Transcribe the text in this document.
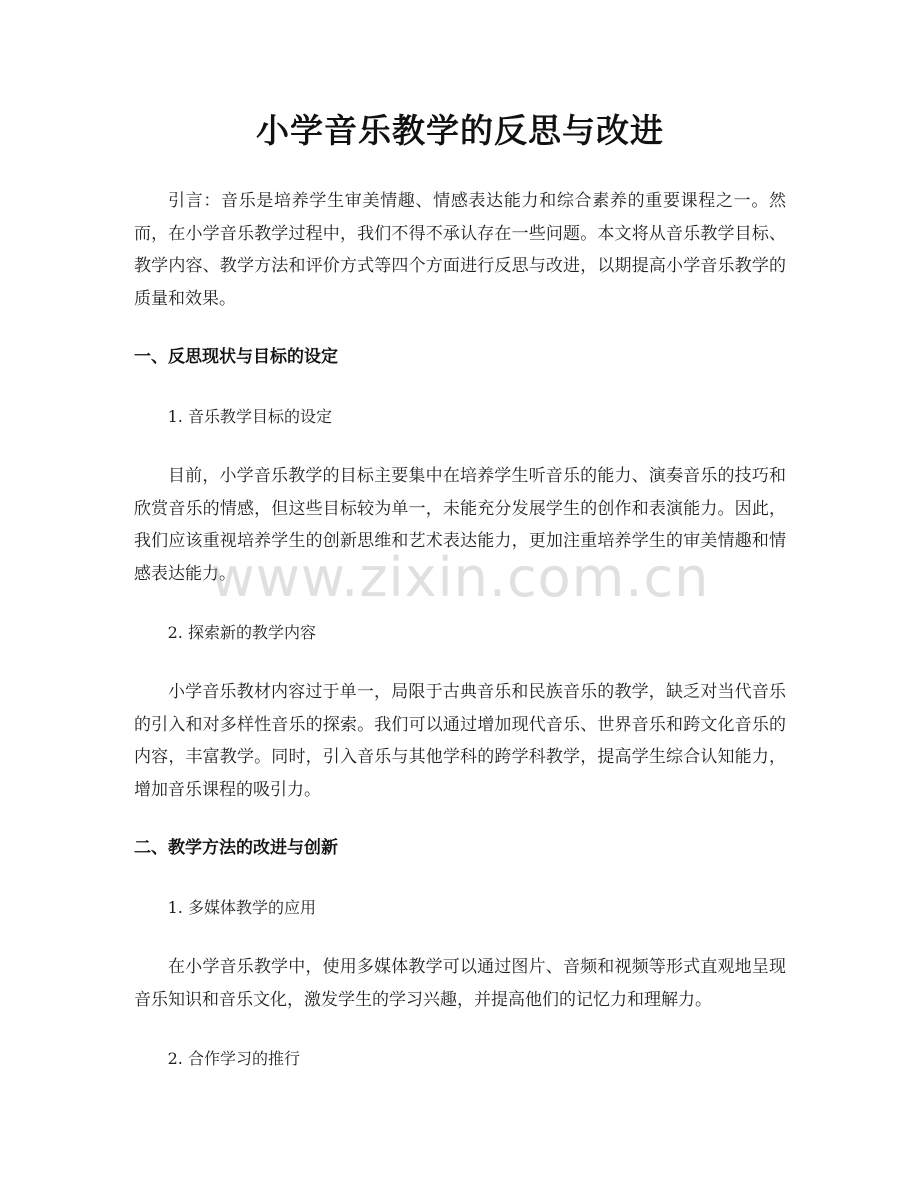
小学音乐教学的反思与改进

引言：音乐是培养学生审美情趣、情感表达能力和综合素养的重要课程之一。然而，在小学音乐教学过程中，我们不得不承认存在一些问题。本文将从音乐教学目标、教学内容、教学方法和评价方式等四个方面进行反思与改进，以期提高小学音乐教学的质量和效果。

一、反思现状与目标的设定

1. 音乐教学目标的设定

目前，小学音乐教学的目标主要集中在培养学生听音乐的能力、演奏音乐的技巧和欣赏音乐的情感，但这些目标较为单一，未能充分发展学生的创作和表演能力。因此，我们应该重视培养学生的创新思维和艺术表达能力，更加注重培养学生的审美情趣和情感表达能力。

2. 探索新的教学内容

小学音乐教材内容过于单一，局限于古典音乐和民族音乐的教学，缺乏对当代音乐的引入和对多样性音乐的探索。我们可以通过增加现代音乐、世界音乐和跨文化音乐的内容，丰富教学。同时，引入音乐与其他学科的跨学科教学，提高学生综合认知能力，增加音乐课程的吸引力。

二、教学方法的改进与创新

1. 多媒体教学的应用

在小学音乐教学中，使用多媒体教学可以通过图片、音频和视频等形式直观地呈现音乐知识和音乐文化，激发学生的学习兴趣，并提高他们的记忆力和理解力。

2. 合作学习的推行

www.zixin.com.cn
